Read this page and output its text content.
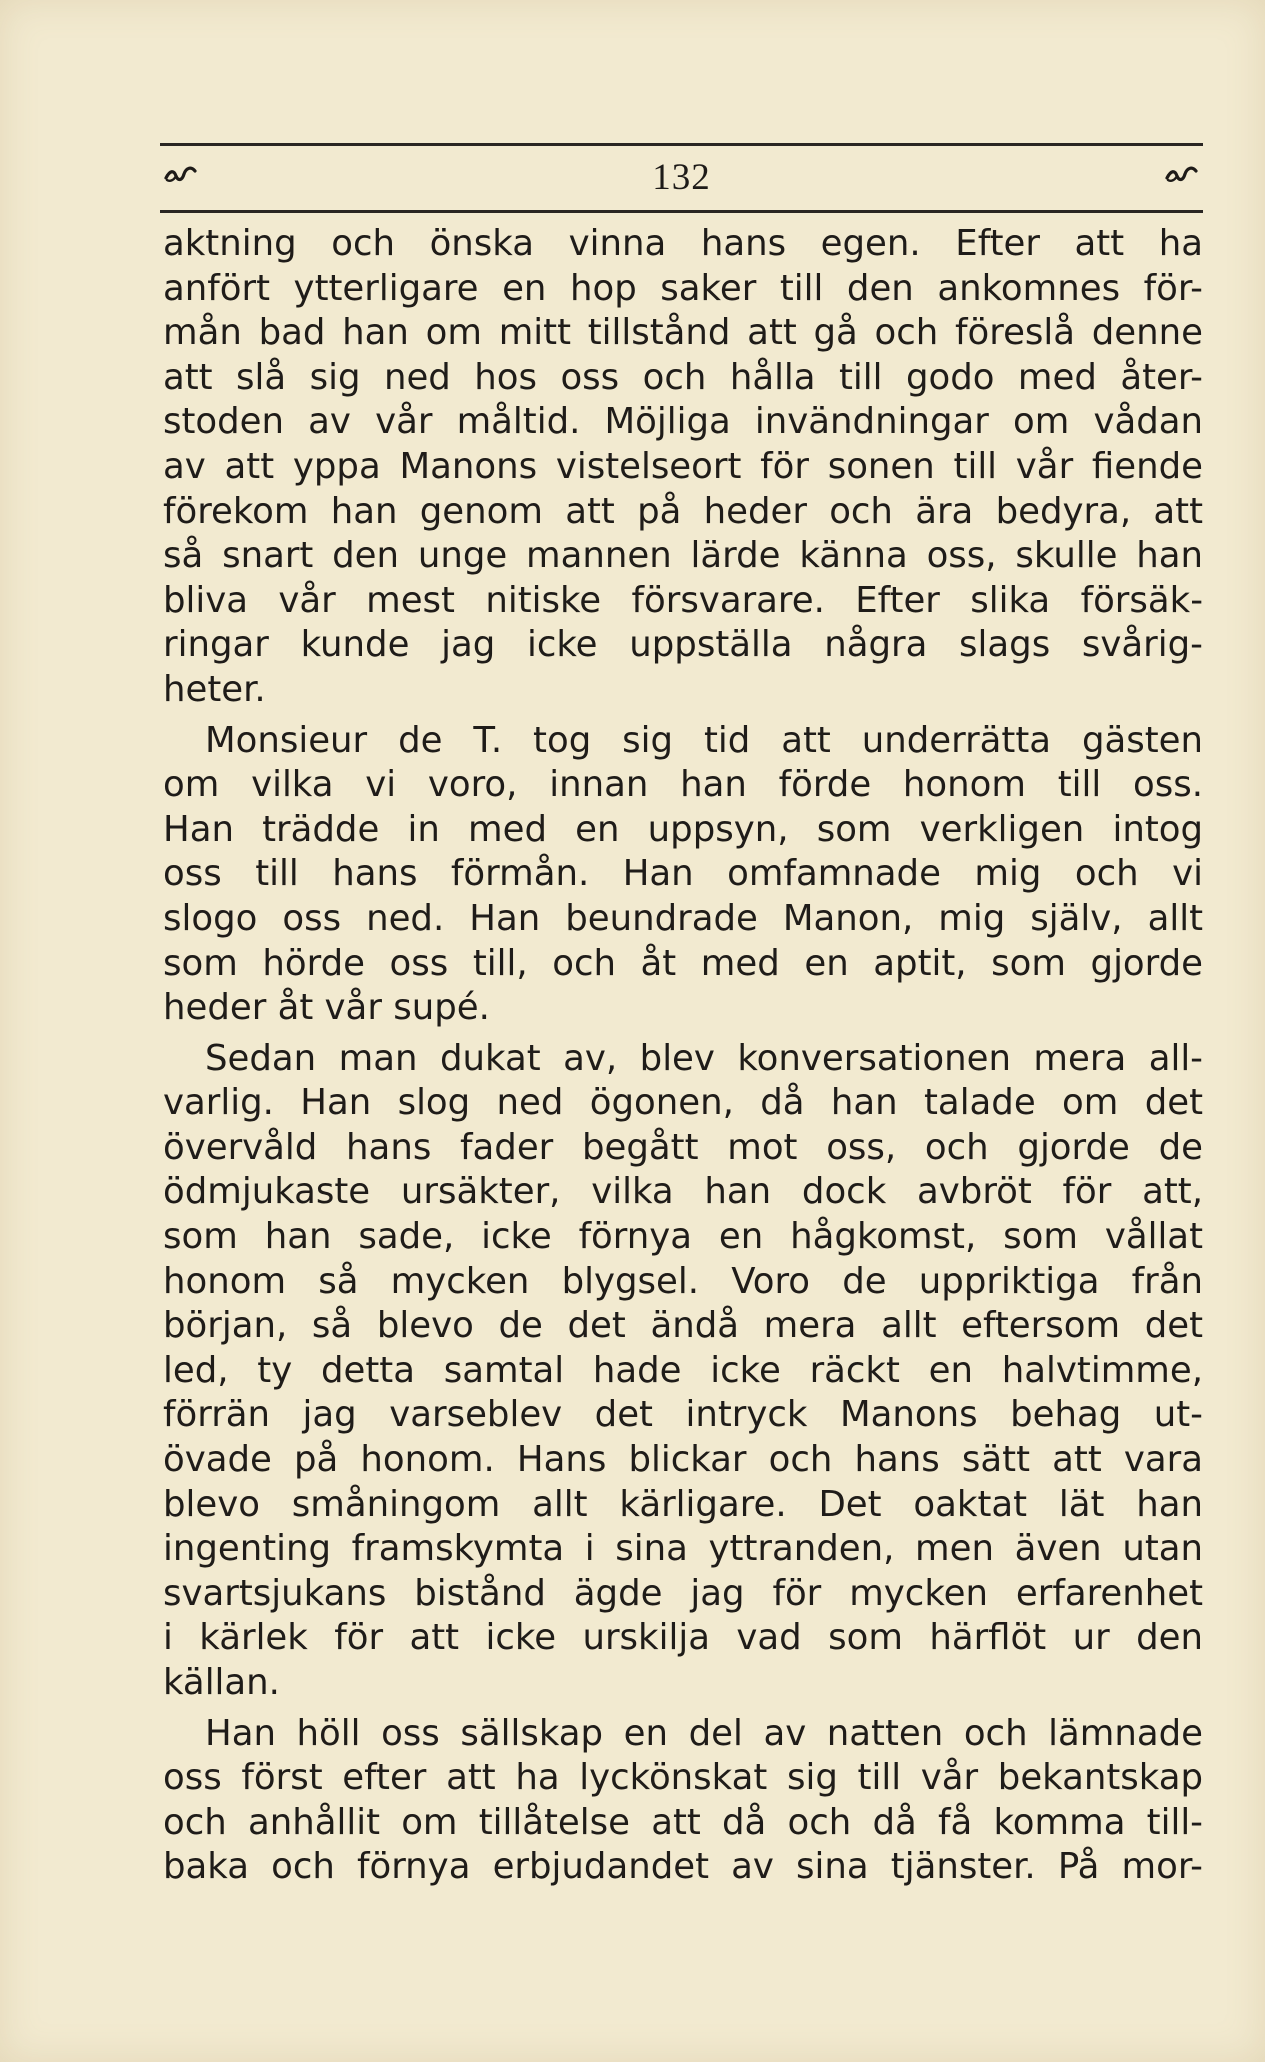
132
aktning och önska vinna hans egen. Efter att ha
anfört ytterligare en hop saker till den ankomnes för-
mån bad han om mitt tillstånd att gå och föreslå denne
att slå sig ned hos oss och hålla till godo med åter-
stoden av vår måltid. Möjliga invändningar om vådan
av att yppa Manons vistelseort för sonen till vår fiende
förekom han genom att på heder och ära bedyra, att
så snart den unge mannen lärde känna oss, skulle han
bliva vår mest nitiske försvarare. Efter slika försäk-
ringar kunde jag icke uppställa några slags svårig-
heter.
Monsieur de T. tog sig tid att underrätta gästen
om vilka vi voro, innan han förde honom till oss.
Han trädde in med en uppsyn, som verkligen intog
oss till hans förmån. Han omfamnade mig och vi
slogo oss ned. Han beundrade Manon, mig själv, allt
som hörde oss till, och åt med en aptit, som gjorde
heder åt vår supé.
Sedan man dukat av, blev konversationen mera all-
varlig. Han slog ned ögonen, då han talade om det
övervåld hans fader begått mot oss, och gjorde de
ödmjukaste ursäkter, vilka han dock avbröt för att,
som han sade, icke förnya en hågkomst, som vållat
honom så mycken blygsel. Voro de uppriktiga från
början, så blevo de det ändå mera allt eftersom det
led, ty detta samtal hade icke räckt en halvtimme,
förrän jag varseblev det intryck Manons behag ut-
övade på honom. Hans blickar och hans sätt att vara
blevo småningom allt kärligare. Det oaktat lät han
ingenting framskymta i sina yttranden, men även utan
svartsjukans bistånd ägde jag för mycken erfarenhet
i kärlek för att icke urskilja vad som härflöt ur den
källan.
Han höll oss sällskap en del av natten och lämnade
oss först efter att ha lyckönskat sig till vår bekantskap
och anhållit om tillåtelse att då och då få komma till-
baka och förnya erbjudandet av sina tjänster. På mor-
